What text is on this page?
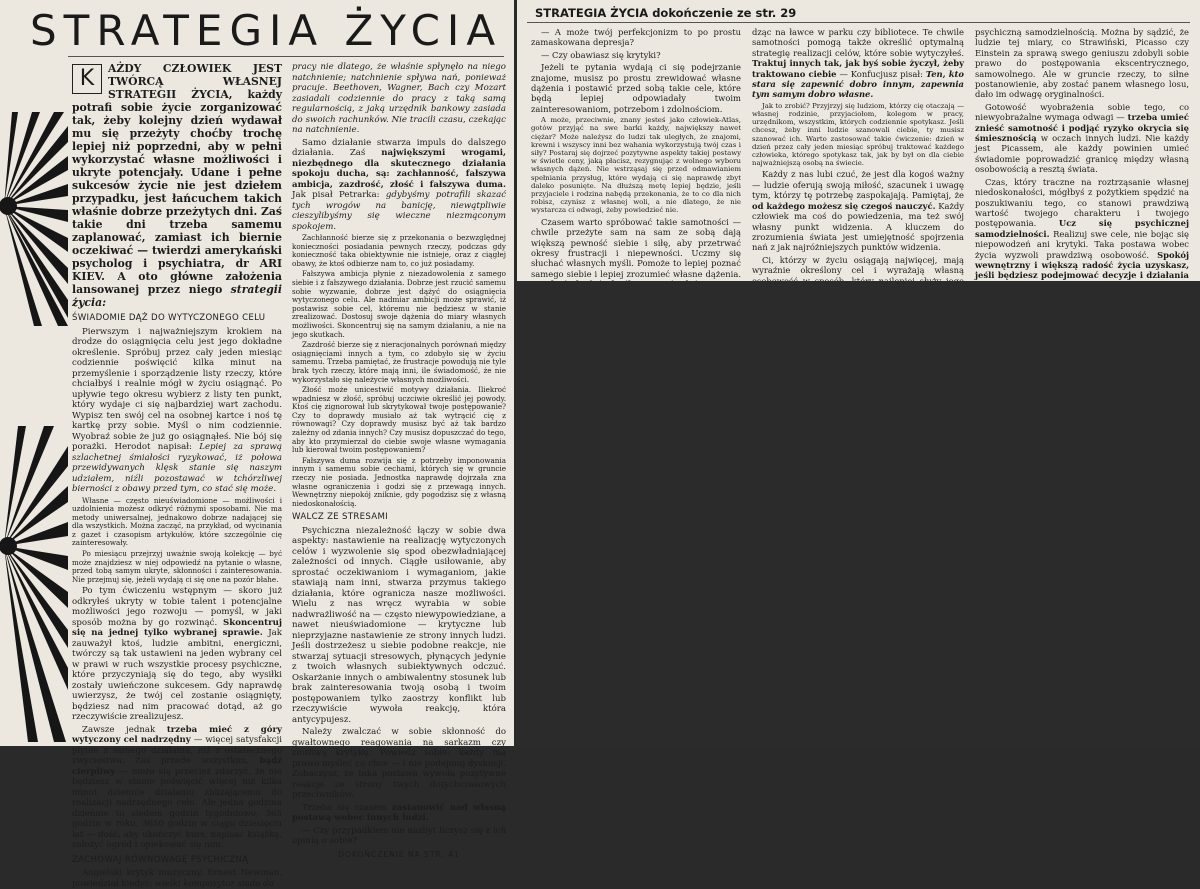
STRATEGIA ŻYCIA
K	AŻDY CZŁOWIEK JEST TWÓRCĄ WŁASNEJ STRATEGII ŻYCIA, każdy potrafi sobie życie zorganizować tak, żeby kolejny dzień wydawał mu się przeżyty choćby trochę lepiej niż poprzedni, aby w pełni wykorzystać własne możliwości i ukryte potencjały. Udane i pełne sukcesów życie nie jest dziełem przypadku, jest łańcuchem takich właśnie dobrze przeżytych dni. Zaś takie dni trzeba samemu zaplanować, zamiast ich biernie oczekiwać — twierdzi amerykański psycholog i psychiatra, dr ARI KIEV. A oto główne założenia lansowanej przez niego strategii życia:
ŚWIADOMIE DĄŻ DO WYTYCZONEGO CELU

Pierwszym i najważniejszym krokiem na drodze do osiągnięcia celu jest jego dokładne określenie. Spróbuj przez cały jeden miesiąc codziennie poświęcić kilka minut na przemyślenie i sporządzenie listy rzeczy, które chciałbyś i realnie mógł w życiu osiągnąć. Po upływie tego okresu wybierz z listy ten punkt, który wydaje ci się najbardziej wart zachodu. Wypisz ten swój cel na osobnej kartce i noś tę kartkę przy sobie. Myśl o nim codziennie. Wyobraź sobie że już go osiągnąłeś. Nie bój się porażki. Herodot napisał: Lepiej za sprawą szlachetnej śmiałości ryzykować, iż połowa przewidywanych klęsk stanie się naszym udziałem, niźli pozostawać w tchórzliwej bierności z obawy przed tym, co stać się może.

Własne — często nieuświadomione — możliwości i uzdolnienia możesz odkryć różnymi sposobami. Nie ma metody uniwersalnej, jednakowo dobrze nadającej się dla wszystkich. Można zacząć, na przykład, od wycinania z gazet i czasopism artykułów, które szczególnie cię zainteresowały.

Po miesiącu przejrzyj uważnie swoją kolekcję — być może znajdziesz w niej odpowiedź na pytanie o własne, przed tobą samym ukryte, skłonności i zainteresowania. Nie przejmuj się, jeżeli wydają ci się one na pozór błahe.

Po tym ćwiczeniu wstępnym — skoro już odkryłeś ukryty w tobie talent i potencjalne możliwości jego rozwoju — pomyśl, w jaki sposób można by go rozwinąć. Skoncentruj się na jednej tylko wybranej sprawie. Jak zauważył ktoś, ludzie ambitni, energiczni, twórczy są tak ustawieni na jeden wybrany cel w prawi w ruch wszystkie procesy psychiczne, które przyczyniają się do tego, aby wysiłki zostały uwieńczone sukcesem. Gdy naprawdę uwierzysz, że twój cel zostanie osiągnięty, będziesz nad nim pracować dotąd, aż go rzeczywiście zrealizujesz.

Zawsze jednak trzeba mieć z góry wytyczony cel nadrzędny — więcej satysfakcji płynie z samego działania, niż z ostatecznego zwycięstwa. Zaś przede wszystkim, bądź cierpliwy — może się przecież zdarzyć, że nie będziesz w stanie poświęcić więcej niż kilka minut dziennie działaniu zbliżającemu do realizacji nadrzędnego celu. Ale jedna godzina dziennie to siedem godzin tygodniowo, 365 godzin w roku, 3650 godzin w ciągu dziesięciu lat — dość, aby ukończyć kurs, napisać książkę, założyć ogród i opiekować się nim.

ZACHOWAJ RÓWNOWAGĘ PSYCHICZNĄ

Angielski krytyk muzyczny, Ernest Newman, powiedział kiedyś: wielki kompozytor siada do

pracy nie dlatego, że właśnie spłynęło na niego natchnienie; natchnienie spływa nań, ponieważ pracuje. Beethoven, Wagner, Bach czy Mozart zasiadali codziennie do pracy z taką samą regularnością, z jaką urzędnik bankowy zasiada do swoich rachunków. Nie tracili czasu, czekając na natchnienie.

Samo działanie stwarza impuls do dalszego działania. Zaś największymi wrogami, niezbędnego dla skutecznego działania spokoju ducha, są: zachłanność, fałszywa ambicja, zazdrość, złość i fałszywa duma. Jak pisał Petrarka: gdybyśmy potrafili skazać tych wrogów na banicję, niewątpliwie cieszylibyśmy się wieczne niezmąconym spokojem.

Zachłanność bierze się z przekonania o bezwzględnej konieczności posiadania pewnych rzeczy, podczas gdy konieczność taka obiektywnie nie istnieje, oraz z ciągłej obawy, że ktoś odbierze nam to, co już posiadamy.

Fałszywa ambicja płynie z niezadowolenia z samego siebie i z fałszywego działania. Dobrze jest rzucić samemu sobie wyzwanie, dobrze jest dążyć do osiągnięcia wytyczonego celu. Ale nadmiar ambicji może sprawić, iż postawisz sobie cel, któremu nie będziesz w stanie zrealizować. Dostosuj swoje dążenia do miary własnych możliwości. Skoncentruj się na samym działaniu, a nie na jego skutkach.

Zazdrość bierze się z nieracjonalnych porównań między osiągnięciami innych a tym, co zdobyło się w życiu samemu. Trzeba pamiętać, że frustracje powodują nie tyle brak tych rzeczy, które mają inni, ile świadomość, że nie wykorzystało się należycie własnych możliwości.

Złość może unicestwić motywy działania. Iliekroć wpadniesz w złość, spróbuj uczciwie określić jej powody. Ktoś cię zignorował lub skrytykował twoje postępowanie? Czy to doprawdy musiało aż tak wytrącić cię z równowagi? Czy doprawdy musisz być aż tak bardzo zależny od zdania innych? Czy musisz dopuszczać do tego, aby kto przymierzał do ciebie swoje własne wymagania lub kierował twoim postępowaniem?

Fałszywa duma rozwija się z potrzeby imponowania innym i samemu sobie cechami, których się w gruncie rzeczy nie posiada. Jednostka naprawdę dojrzała zna własne ograniczenia i godzi się z przewagą innych. Wewnętrzny niepokój zniknie, gdy pogodzisz się z własną niedoskonałością.

WALCZ ZE STRESAMI

Psychiczna niezależność łączy w sobie dwa aspekty: nastawienie na realizację wytyczonych celów i wyzwolenie się spod obezwładniającej zależności od innych. Ciągłe usiłowanie, aby sprostać oczekiwaniom i wymaganiom, jakie stawiają nam inni, stwarza przymus takiego działania, które ogranicza nasze możliwości. Wielu z nas wręcz wyrabia w sobie nadwrażliwość na — często niewypowiedziane, a nawet nieuświadomione — krytyczne lub nieprzyjazne nastawienie ze strony innych ludzi. Jeśli dostrzeżesz u siebie podobne reakcje, nie stwarzaj sytuacji stresowych, płynących jedynie z twoich własnych subiektywnych odczuć. Oskarżanie innych o ambiwalentny stosunek lub brak zainteresowania twoją osobą i twoim postępowaniem tylko zaostrzy konflikt lub rzeczywiście wywoła reakcję, która antycypujesz.

Należy zwalczać w sobie skłonność do gwałtownego reagowania na sarkazm czy złośliwą krytykę. Powiedz sobie: każdy ma prawo myśleć co chce — i nie podejmuj dyskusji. Zobaczysz, że taka postawa wywoła pozytywne reakcje ze strony twych dotychczasowych przeciwników.

Trzeba się czasem zastanowić nad własną postawą wobec innych ludzi.

— Czy przypadkiem nie nazbyt liczysz się z ich opinią o sobie?

DOKOŃCZENIE NA STR. 41
STRATEGIA ŻYCIA dokończenie ze str. 29

— A może twój perfekcjonizm to po prostu zamaskowana depresja?

— Czy obawiasz się krytyki?

Jeżeli te pytania wydają ci się podejrzanie znajome, musisz po prostu zrewidować własne dążenia i postawić przed sobą takie cele, które będą lepiej odpowiadały twoim zainteresowaniom, potrzebom i zdolnościom.

A może, przeciwnie, znany jesteś jako człowiek-Atlas, gotów przyjąć na swe barki każdy, największy nawet ciężar? Może należysz do ludzi tak uległych, że znajomi, krewni i wszyscy inni bez wahania wykorzystują twój czas i siły? Postaraj się dojrzeć pozytywne aspekty takiej postawy w świetle ceny, jaką płacisz, rezygnując z wolnego wyboru własnych dążeń. Nie wstrząsaj się przed odmawianiem spełniania przysług, które wydają ci się naprawdę zbyt daleko posunięte. Na dłuższą metę lepiej będzie, jeśli przyjaciele i rodzina nabędą przekonania, że to co dla nich robisz, czynisz z własnej woli, a nie dlatego, że nie wystarcza ci odwagi, żeby powiedzieć nie.

Czasem warto spróbować takie samotności — chwile przeżyte sam na sam ze sobą dają większą pewność siebie i siłę, aby przetrwać okresy frustracji i niepewności. Uczmy się słuchać własnych myśli. Pomoże to lepiej poznać samego siebie i lepiej zrozumieć własne dążenia.

dząc na ławce w parku czy bibliotece. Te chwile samotności pomogą także określić optymalną strategię realizacji celów, które sobie wytyczyłeś. Traktuj innych tak, jak byś sobie życzył, żeby traktowano ciebie — Konfucjusz pisał: Ten, kto stara się zapewnić dobro innym, zapewnia tym samym dobro własne.

Jak to zrobić? Przyjrzyj się ludziom, którzy cię otaczają — własnej rodzinie, przyjaciołom, kolegom w pracy, urzędnikom, wszystkim, których codziennie spotykasz. Jeśli chcesz, żeby inni ludzie szanowali ciebie, ty musisz szanować ich. Warto zastosować takie ćwiczenie: dzień w dzień przez cały jeden miesiąc spróbuj traktować każdego człowieka, którego spotykasz tak, jak by był on dla ciebie najważniejszą osobą na świecie.

Każdy z nas lubi czuć, że jest dla kogoś ważny — ludzie oferują swoją miłość, szacunek i uwagę tym, którzy tę potrzebę zaspokajają. Pamiętaj, że od każdego możesz się czegoś nauczyć. Każdy człowiek ma coś do powiedzenia, ma też swój własny punkt widzenia. A kluczem do zrozumienia świata jest umiejętność spojrzenia nań z jak najróżniejszych punktów widzenia.

Ci, którzy w życiu osiągają najwięcej, mają wyraźnie określony cel i wyrażają własną

psychiczną samodzielnością. Można by sądzić, że ludzie tej miary, co Strawiński, Picasso czy Einstein za sprawą swego geniuszu zdobyli sobie prawo do postępowania ekscentrycznego, samowolnego. Ale w gruncie rzeczy, to siłne postanowienie, aby zostać panem własnego losu, dało im odwagę oryginalności.

Gotowość wyobrażenia sobie tego, co niewyobrażalne wymaga odwagi — trzeba umieć znieść samotność i podjąć ryzyko okrycia się śmiesznością w oczach innych ludzi. Nie każdy jest Picassem, ale każdy powinien umieć świadomie poprowadzić granicę między własną osobowością a resztą świata.

Czas, który traczne na roztrząsanie własnej niedoskonałości, mógłbyś z pożytkiem spędzić na poszukiwaniu tego, co stanowi prawdziwą wartość twojego charakteru i twojego postępowania.	Ucz się psychicznej samodzielności. Realizuj swe cele, nie bojąc się niepowodzeń ani krytyki. Taka postawa wobec życia wyzwoli prawdziwą osobowość. Spokój wewnętrzny i większą radość życia uzyskasz, jeśli będziesz podejmować decyzje i działania
